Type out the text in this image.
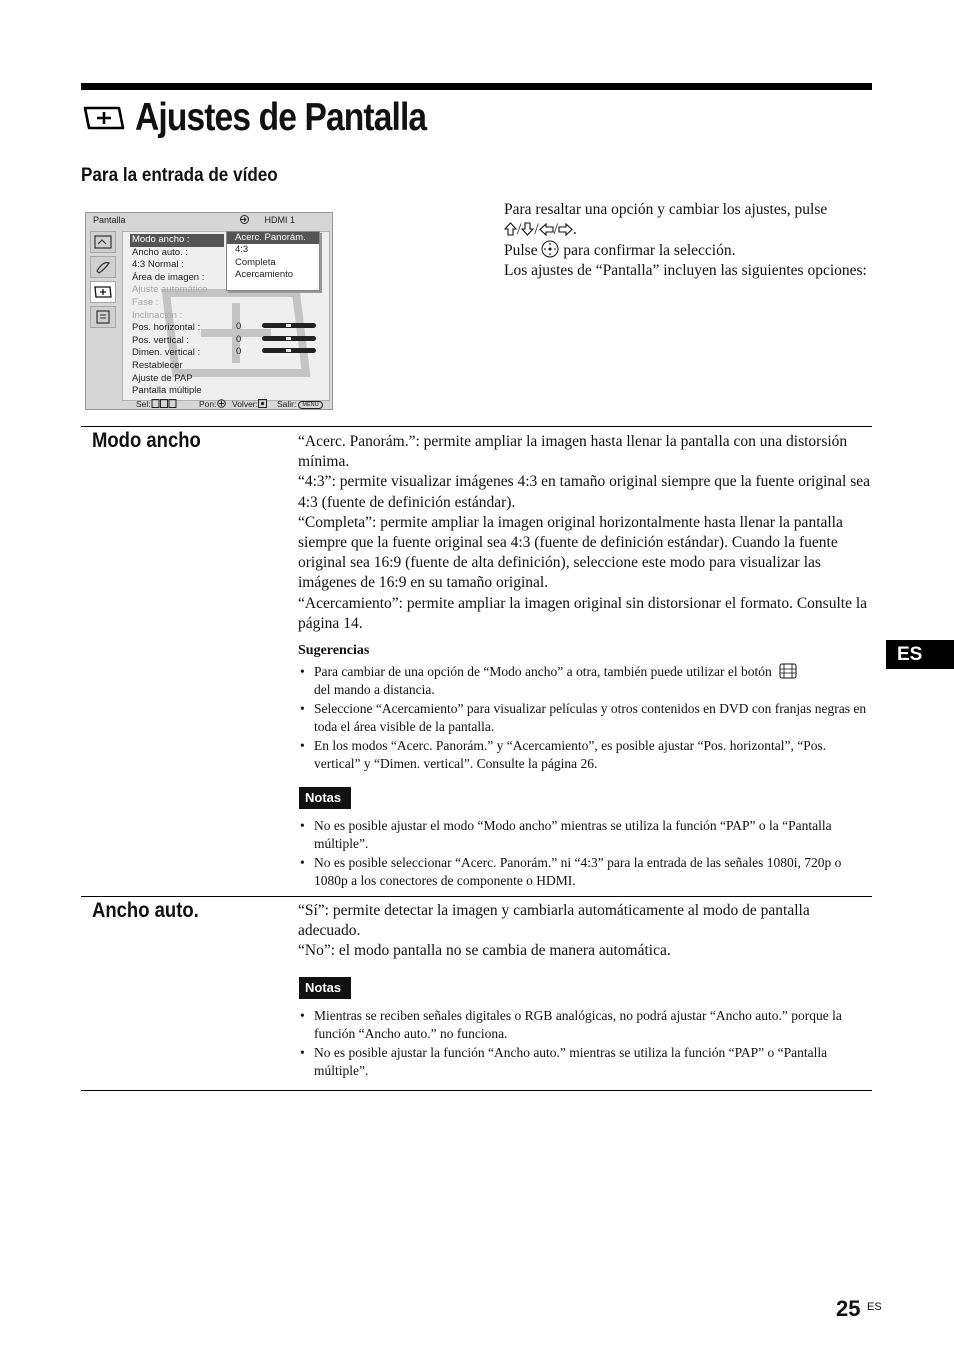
Ajustes de Pantalla
Para la entrada de vídeo
Pantalla	HDMI 1
Modo ancho :
Ancho auto. :
4:3 Normal :
Área de imagen :
Ajuste automático
Fase :
Inclinación :
Pos. horizontal :
Pos. vertical :
Dimen. vertical :
Restablecer
Ajuste de PAP
Pantalla múltiple
0
0
0
Acerc. Panorám.
4:3
Completa
Acercamiento
Sel:	Pon:	Volver:	Salir: MENU

Para resaltar una opción y cambiar los ajustes, pulse

/ / / .

Pulse para confirmar la selección.

Los ajustes de “Pantalla” incluyen las siguientes opciones:

Modo ancho	“Acerc. Panorám.”: permite ampliar la imagen hasta llenar la pantalla con una distorsión mínima.

“4:3”: permite visualizar imágenes 4:3 en tamaño original siempre que la fuente original sea 4:3 (fuente de definición estándar).

“Completa”: permite ampliar la imagen original horizontalmente hasta llenar la pantalla siempre que la fuente original sea 4:3 (fuente de definición estándar). Cuando la fuente original sea 16:9 (fuente de alta definición), seleccione este modo para visualizar las imágenes de 16:9 en su tamaño original.

“Acercamiento”: permite ampliar la imagen original sin distorsionar el formato. Consulte la página 14.

Sugerencias
• Para cambiar de una opción de “Modo ancho” a otra, también puede utilizar el botón
del mando a distancia.
• Seleccione “Acercamiento” para visualizar películas y otros contenidos en DVD con franjas negras en toda el área visible de la pantalla.
• En los modos “Acerc. Panorám.” y “Acercamiento”, es posible ajustar “Pos. horizontal”, “Pos. vertical” y “Dimen. vertical”. Consulte la página 26.
Notas
• No es posible ajustar el modo “Modo ancho” mientras se utiliza la función “PAP” o la “Pantalla múltiple”.
• No es posible seleccionar “Acerc. Panorám.” ni “4:3” para la entrada de las señales 1080i, 720p o 1080p a los conectores de componente o HDMI.
Ancho auto.	“Sí”: permite detectar la imagen y cambiarla automáticamente al modo de pantalla adecuado.

“No”: el modo pantalla no se cambia de manera automática.

Notas
• Mientras se reciben señales digitales o RGB analógicas, no podrá ajustar “Ancho auto.” porque la función “Ancho auto.” no funciona.
• No es posible ajustar la función “Ancho auto.” mientras se utiliza la función “PAP” o “Pantalla múltiple”.
ES
25 ES
